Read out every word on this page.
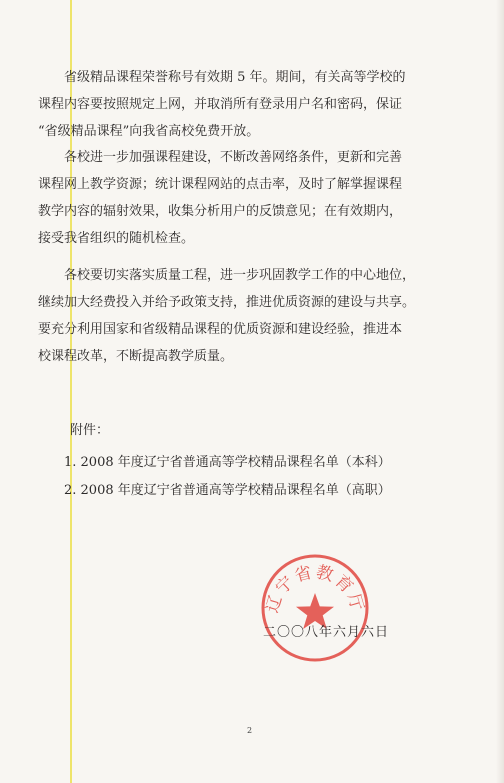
省级精品课程荣誉称号有效期 5 年。期间，有关高等学校的
课程内容要按照规定上网，并取消所有登录用户名和密码，保证
“省级精品课程”向我省高校免费开放。
各校进一步加强课程建设，不断改善网络条件，更新和完善
课程网上教学资源；统计课程网站的点击率，及时了解掌握课程
教学内容的辐射效果，收集分析用户的反馈意见；在有效期内，
接受我省组织的随机检查。
各校要切实落实质量工程，进一步巩固教学工作的中心地位，
继续加大经费投入并给予政策支持，推进优质资源的建设与共享。
要充分利用国家和省级精品课程的优质资源和建设经验，推进本
校课程改革，不断提高教学质量。
附件：
1. 2008 年度辽宁省普通高等学校精品课程名单（本科）
2. 2008 年度辽宁省普通高等学校精品课程名单（高职）
辽宁省教育厅
二〇〇八年六月六日
2
